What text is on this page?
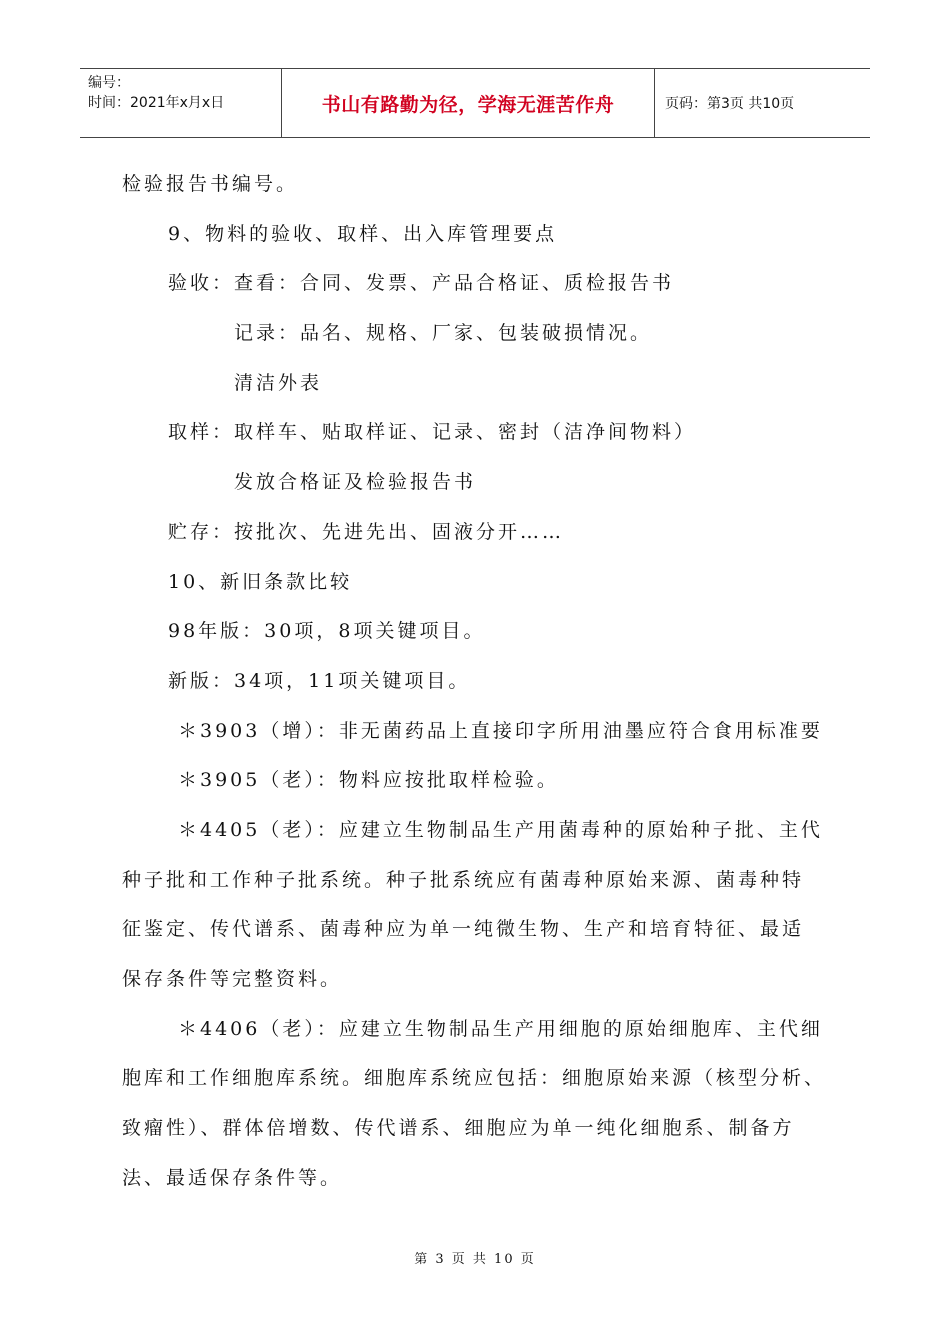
编号：
时间：2021年x月x日	书山有路勤为径，学海无涯苦作舟	页码：第3页 共10页
检验报告书编号。
9、物料的验收、取样、出入库管理要点
验收：查看：合同、发票、产品合格证、质检报告书
记录：品名、规格、厂家、包装破损情况。
清洁外表
取样：取样车、贴取样证、记录、密封（洁净间物料）
发放合格证及检验报告书
贮存：按批次、先进先出、固液分开……
10、新旧条款比较
98年版：30项，8项关键项目。
新版：34项，11项关键项目。
＊3903（增）：非无菌药品上直接印字所用油墨应符合食用标准要
＊3905（老）：物料应按批取样检验。
＊4405（老）：应建立生物制品生产用菌毒种的原始种子批、主代
种子批和工作种子批系统。种子批系统应有菌毒种原始来源、菌毒种特
征鉴定、传代谱系、菌毒种应为单一纯微生物、生产和培育特征、最适
保存条件等完整资料。
＊4406（老）：应建立生物制品生产用细胞的原始细胞库、主代细
胞库和工作细胞库系统。细胞库系统应包括：细胞原始来源（核型分析、
致瘤性）、群体倍增数、传代谱系、细胞应为单一纯化细胞系、制备方
法、最适保存条件等。
第 3 页 共 10 页
